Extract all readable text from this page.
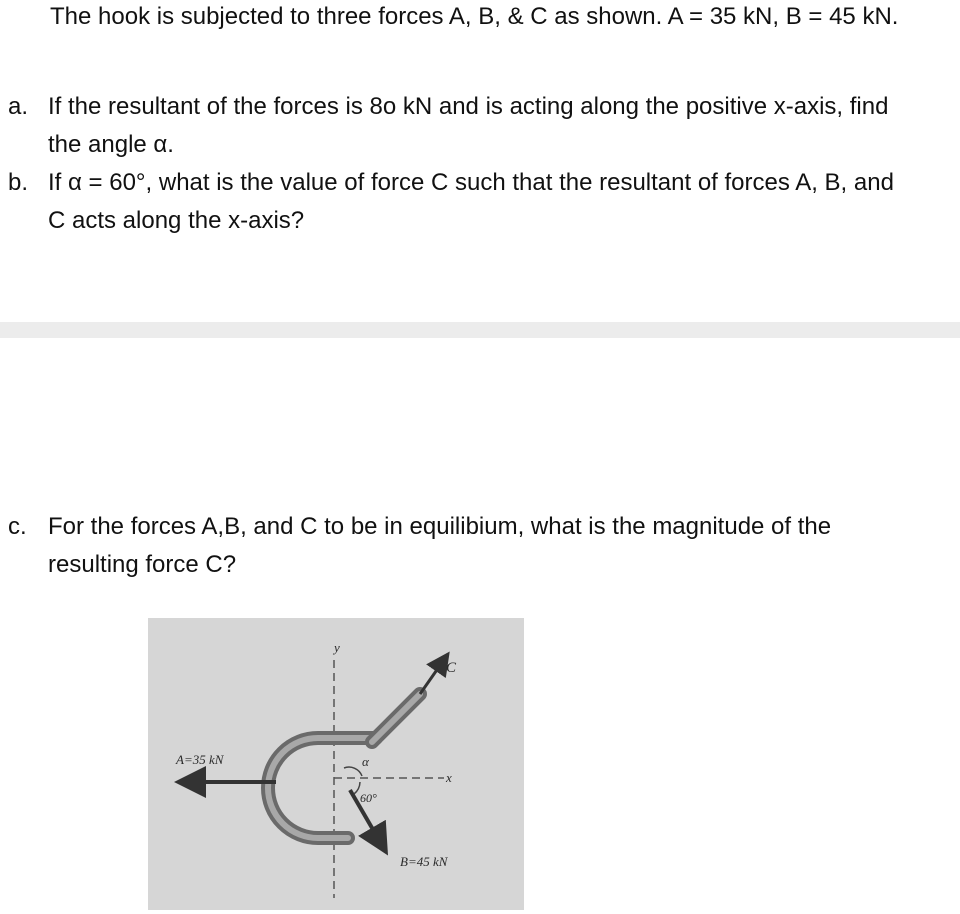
The hook is subjected to three forces A, B, & C as shown. A = 35 kN, B = 45 kN.

a. If the resultant of the forces is 8o kN and is acting along the positive x-axis, find
the angle α.
b. If α = 60°, what is the value of force C such that the resultant of forces A, B, and
C acts along the x-axis?
c. For the forces A,B, and C to be in equilibium, what is the magnitude of the
resulting force C?
A=35 kN
B=45 kN
C
y
x
α
60°
